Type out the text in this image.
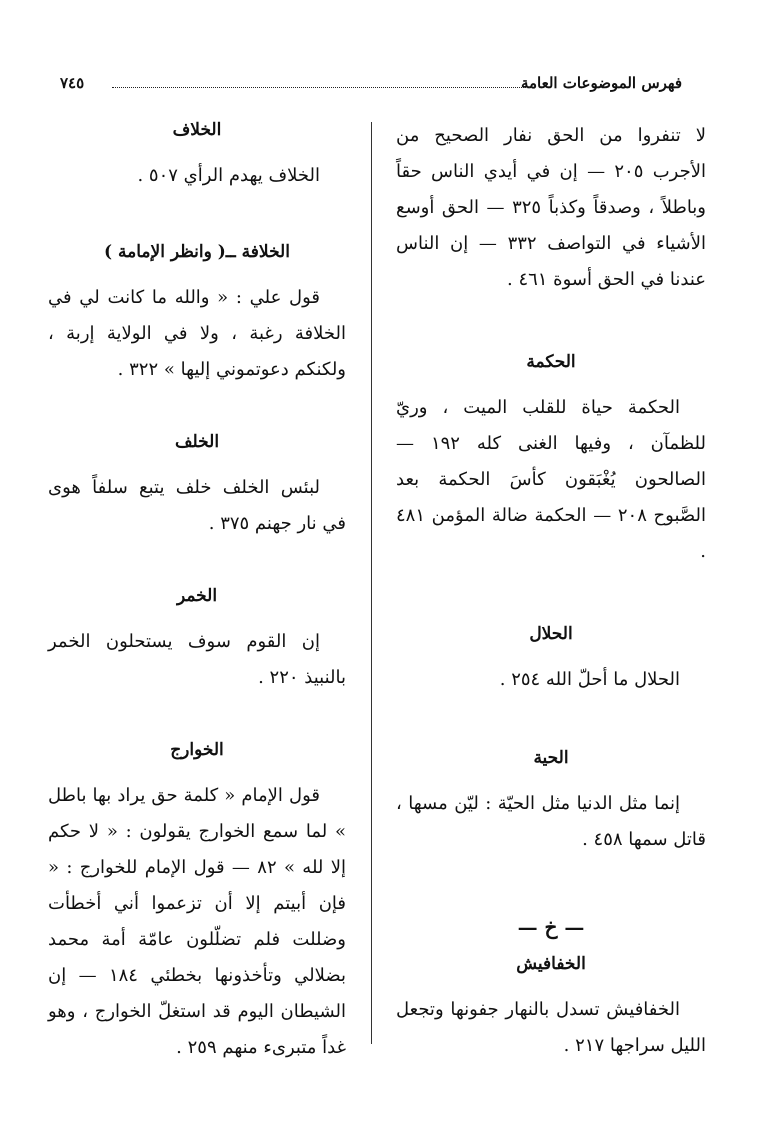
فهرس الموضوعات العامة
٧٤٥

لا تنفروا من الحق نفار الصحيح من الأجرب ٢٠٥ — إن في أيدي الناس حقاً وباطلاً ، وصدقاً وكذباً ٣٢٥ — الحق أوسع الأشياء في التواصف ٣٣٢ — إن الناس عندنا في الحق أسوة ٤٦١ .

الحكمة

الحكمة حياة للقلب الميت ، وريّ للظمآن ، وفيها الغنى كله ١٩٢ — الصالحون يُغْبَقون كأسَ الحكمة بعد الصَّبوح ٢٠٨ — الحكمة ضالة المؤمن ٤٨١ .

الحلال

الحلال ما أحلّ الله ٢٥٤ .

الحية

إنما مثل الدنيا مثل الحيّة : ليّن مسها ، قاتل سمها ٤٥٨ .

— خ —
الخفافيش

الخفافيش تسدل بالنهار جفونها وتجعل الليل سراجها ٢١٧ .

الخلاف

الخلاف يهدم الرأي ٥٠٧ .

الخلافة ــ( وانظر الإمامة )

قول علي : « والله ما كانت لي في الخلافة رغبة ، ولا في الولاية إربة ، ولكنكم دعوتموني إليها » ٣٢٢ .

الخلف

لبئس الخلف خلف يتبع سلفاً هوى في نار جهنم ٣٧٥ .

الخمر

إن القوم سوف يستحلون الخمر بالنبيذ ٢٢٠ .

الخوارج

قول الإمام « كلمة حق يراد بها باطل » لما سمع الخوارج يقولون : « لا حكم إلا لله » ٨٢ — قول الإمام للخوارج : « فإن أبيتم إلا أن تزعموا أني أخطأت وضللت فلم تضلّلون عامّة أمة محمد بضلالي وتأخذونها بخطئي ١٨٤ — إن الشيطان اليوم قد استغلّ الخوارج ، وهو غداً متبرىء منهم ٢٥٩ .
